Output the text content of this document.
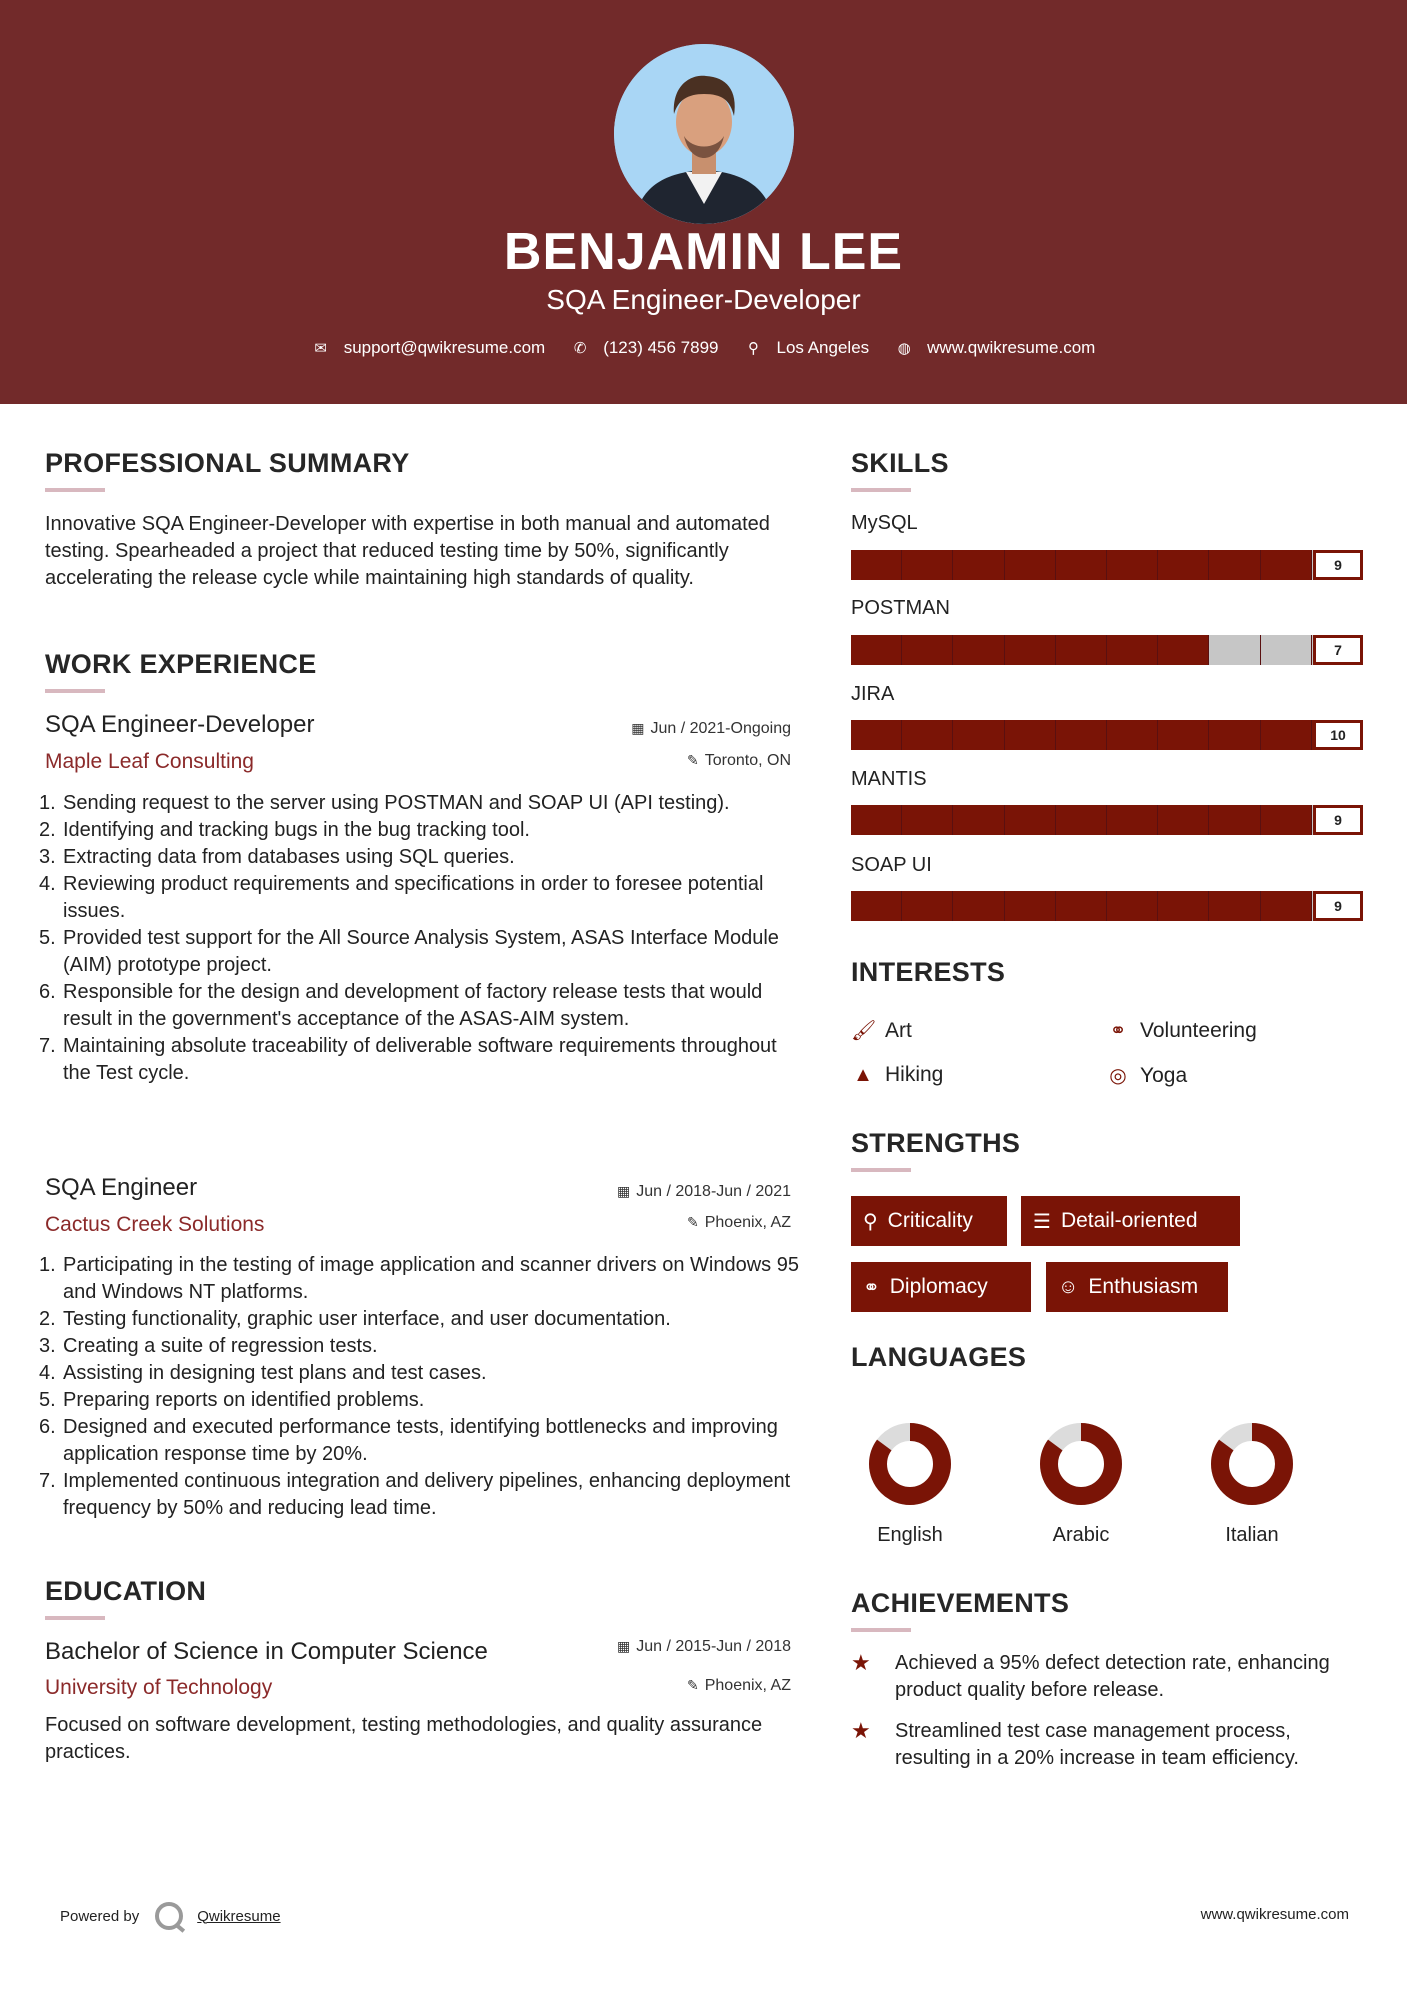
BENJAMIN LEE
SQA Engineer-Developer
✉ support@qwikresume.com ✆ (123) 456 7899 ⚲ Los Angeles ◍ www.qwikresume.com
PROFESSIONAL SUMMARY
Innovative SQA Engineer-Developer with expertise in both manual and automated testing. Spearheaded a project that reduced testing time by 50%, significantly accelerating the release cycle while maintaining high standards of quality.
WORK EXPERIENCE
SQA Engineer-Developer	▦ Jun / 2021-Ongoing
Maple Leaf Consulting	✎ Toronto, ON
1. Sending request to the server using POSTMAN and SOAP UI (API testing).
2. Identifying and tracking bugs in the bug tracking tool.
3. Extracting data from databases using SQL queries.
4. Reviewing product requirements and specifications in order to foresee potential issues.
5. Provided test support for the All Source Analysis System, ASAS Interface Module (AIM) prototype project.
6. Responsible for the design and development of factory release tests that would result in the government's acceptance of the ASAS-AIM system.
7. Maintaining absolute traceability of deliverable software requirements throughout the Test cycle.
SQA Engineer	▦ Jun / 2018-Jun / 2021
Cactus Creek Solutions	✎ Phoenix, AZ
1. Participating in the testing of image application and scanner drivers on Windows 95 and Windows NT platforms.
2. Testing functionality, graphic user interface, and user documentation.
3. Creating a suite of regression tests.
4. Assisting in designing test plans and test cases.
5. Preparing reports on identified problems.
6. Designed and executed performance tests, identifying bottlenecks and improving application response time by 20%.
7. Implemented continuous integration and delivery pipelines, enhancing deployment frequency by 50% and reducing lead time.
EDUCATION
Bachelor of Science in Computer Science	▦ Jun / 2015-Jun / 2018
University of Technology	✎ Phoenix, AZ
Focused on software development, testing methodologies, and quality assurance practices.
SKILLS
MySQL
9
POSTMAN
7
JIRA
10
MANTIS
9
SOAP UI
9
INTERESTS
🖌 Art	⚭ Volunteering
▲ Hiking	◎ Yoga
STRENGTHS
⚲ Criticality	☰ Detail-oriented
⚭ Diplomacy	☺ Enthusiasm
LANGUAGES
English	Arabic	Italian
ACHIEVEMENTS
★	Achieved a 95% defect detection rate, enhancing product quality before release.
★	Streamlined test case management process, resulting in a 20% increase in team efficiency.
Powered by	Qwikresume	www.qwikresume.com
